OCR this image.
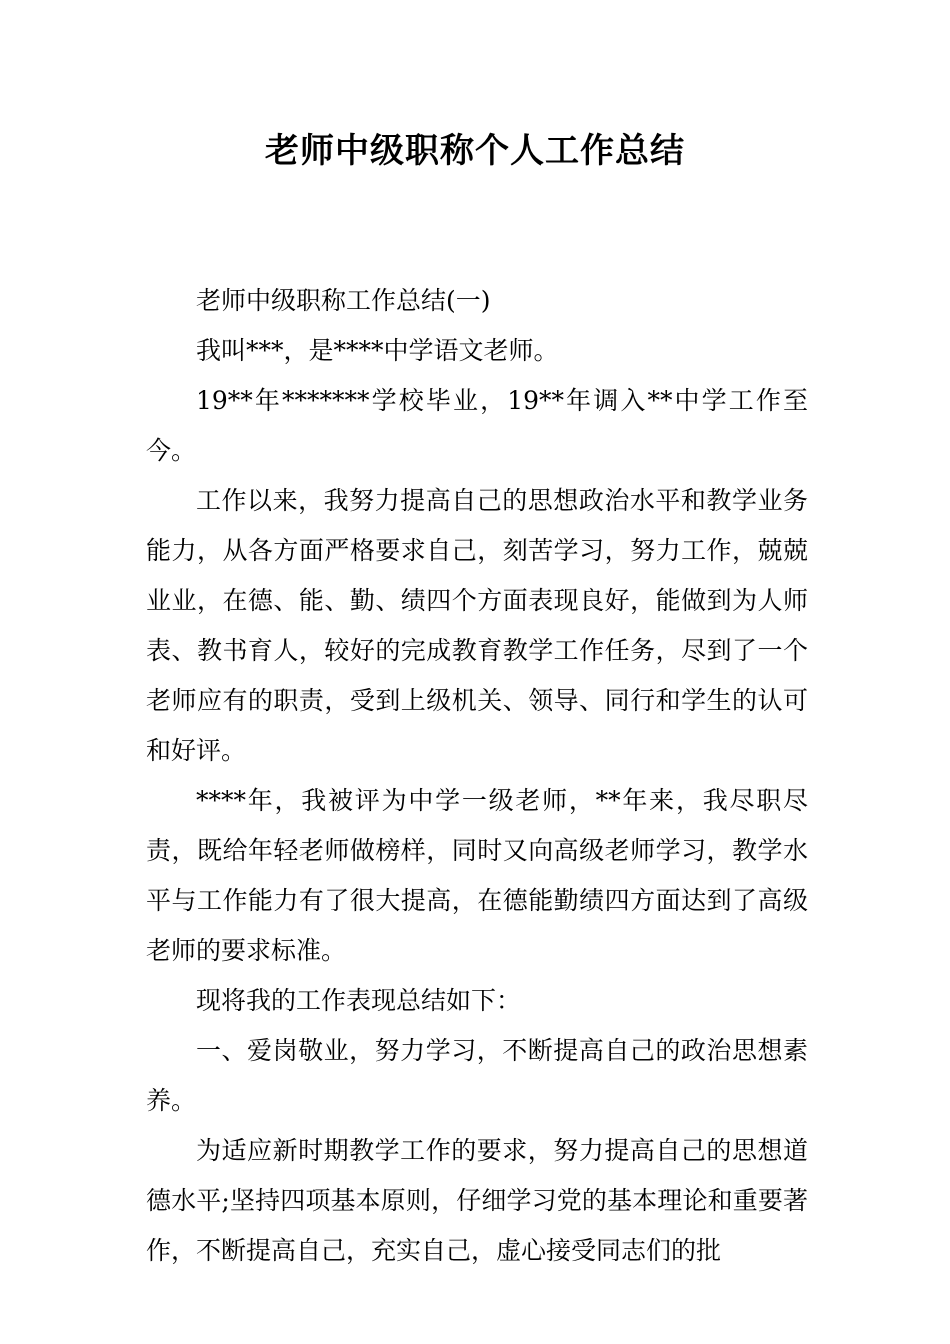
老师中级职称个人工作总结

老师中级职称工作总结(一)

我叫***，是****中学语文老师。

19**年*******学校毕业，19**年调入**中学工作至今。

工作以来，我努力提高自己的思想政治水平和教学业务能力，从各方面严格要求自己，刻苦学习，努力工作，兢兢业业，在德、能、勤、绩四个方面表现良好，能做到为人师表、教书育人，较好的完成教育教学工作任务，尽到了一个老师应有的职责，受到上级机关、领导、同行和学生的认可和好评。

****年，我被评为中学一级老师，**年来，我尽职尽责，既给年轻老师做榜样，同时又向高级老师学习，教学水平与工作能力有了很大提高，在德能勤绩四方面达到了高级老师的要求标准。

现将我的工作表现总结如下：

一、爱岗敬业，努力学习，不断提高自己的政治思想素养。

为适应新时期教学工作的要求，努力提高自己的思想道德水平;坚持四项基本原则，仔细学习党的基本理论和重要著作，不断提高自己，充实自己，虚心接受同志们的批
